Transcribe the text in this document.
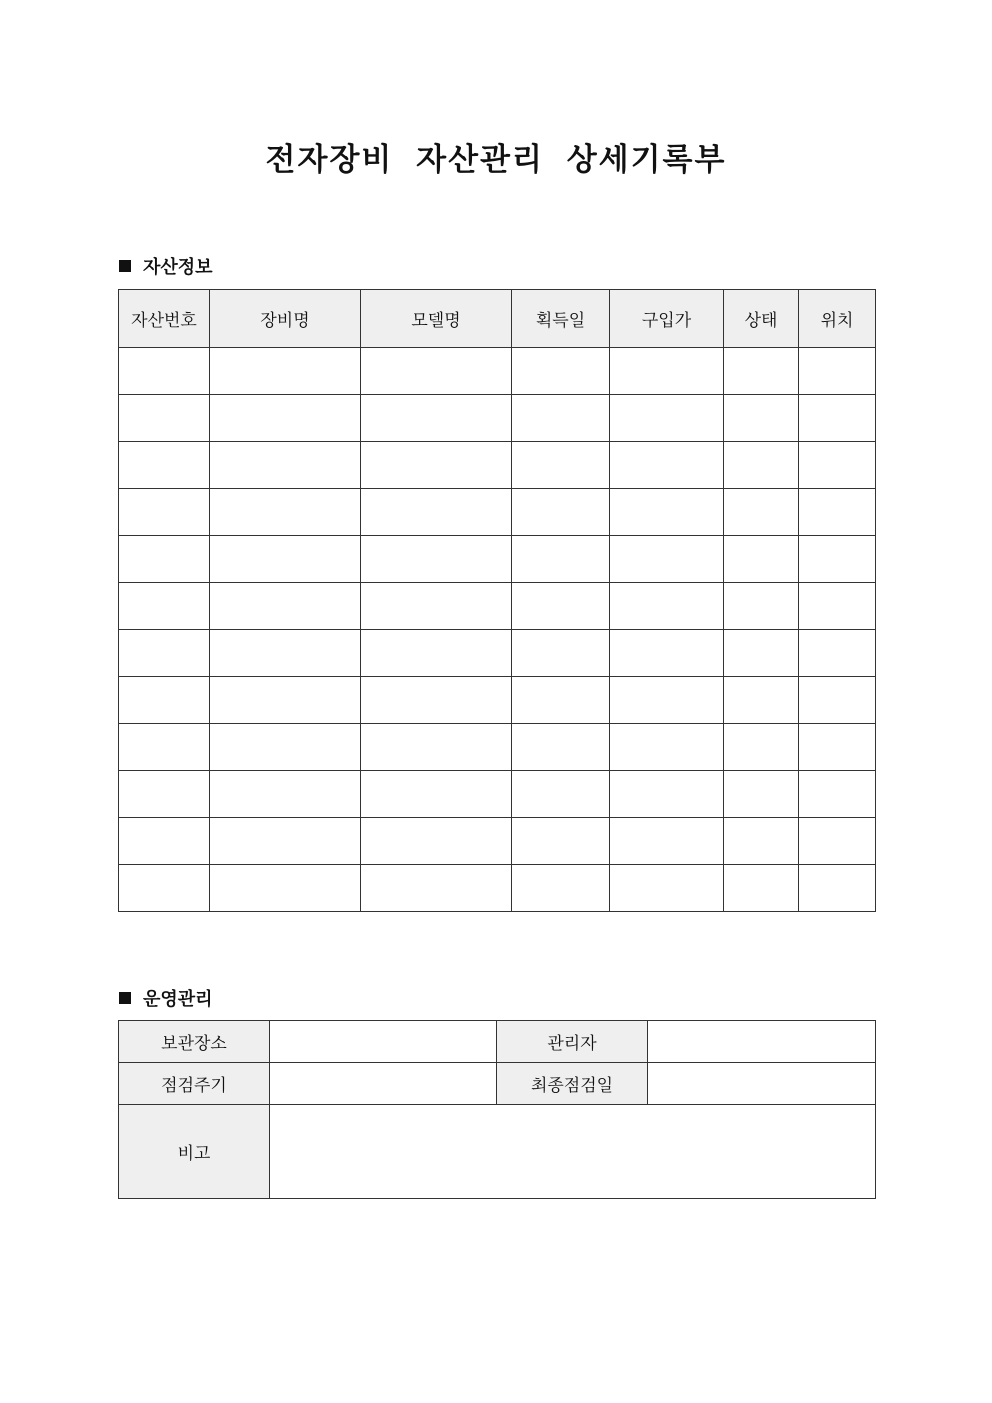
전자장비 자산관리 상세기록부
자산정보
자산번호	장비명	모델명	획득일	구입가	상태	위치

운영관리
보관장소		관리자	
점검주기		최종점검일	
비고			
